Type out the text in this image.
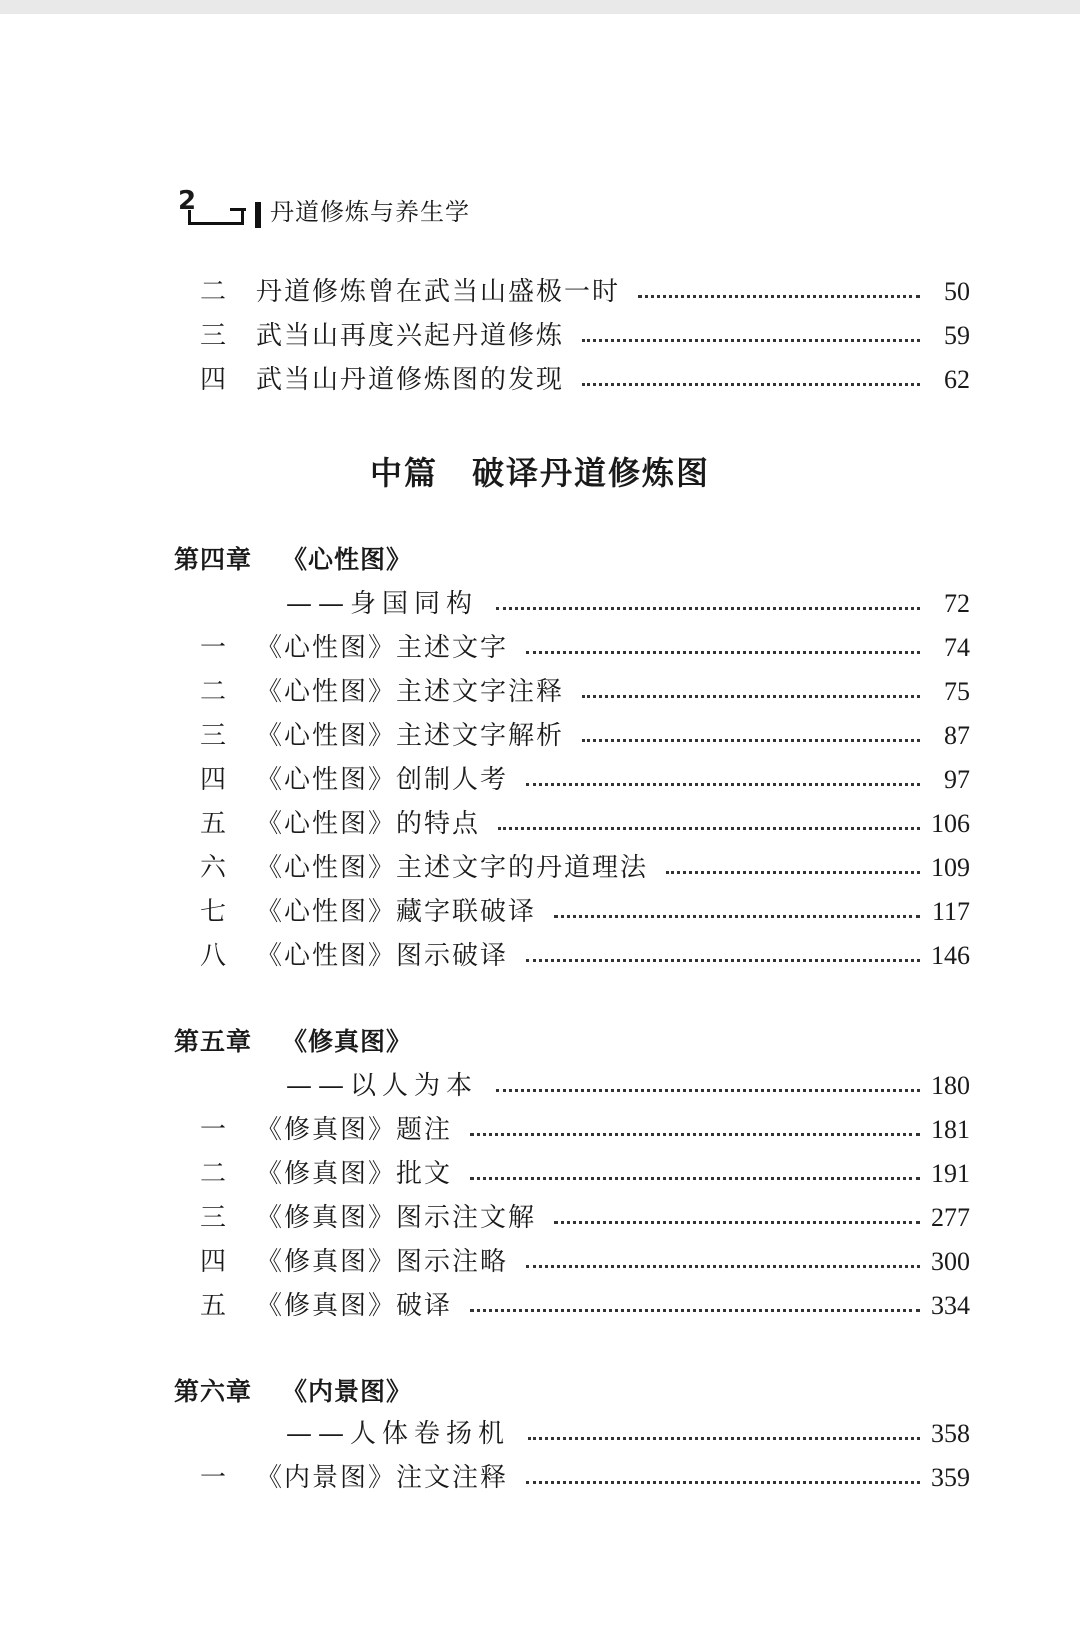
2	丹道修炼与养生学
二	丹道修炼曾在武当山盛极一时	50
三	武当山再度兴起丹道修炼	59
四	武当山丹道修炼图的发现	62
中篇 破译丹道修炼图
第四章 《心性图》
——身国同构	72
一	《心性图》主述文字	74
二	《心性图》主述文字注释	75
三	《心性图》主述文字解析	87
四	《心性图》创制人考	97
五	《心性图》的特点	106
六	《心性图》主述文字的丹道理法	109
七	《心性图》藏字联破译	117
八	《心性图》图示破译	146
第五章 《修真图》
——以人为本	180
一	《修真图》题注	181
二	《修真图》批文	191
三	《修真图》图示注文解	277
四	《修真图》图示注略	300
五	《修真图》破译	334
第六章 《内景图》
——人体卷扬机	358
一	《内景图》注文注释	359
